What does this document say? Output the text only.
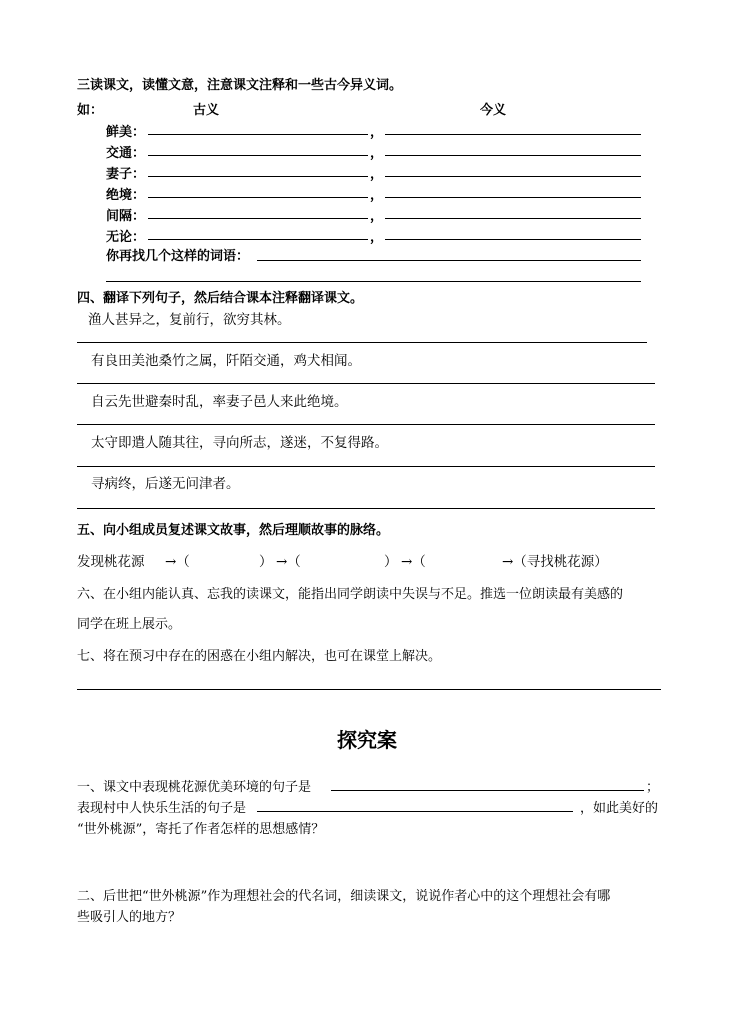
三读课文，读懂文意，注意课文注释和一些古今异义词。
如：	古义	今义
鲜美：	，
交通：	，
妻子：	，
绝境：	，
间隔：	，
无论：	，
你再找几个这样的词语：
四、翻译下列句子，然后结合课本注释翻译课文。
渔人甚异之，复前行，欲穷其林。
有良田美池桑竹之属，阡陌交通，鸡犬相闻。
自云先世避秦时乱，率妻子邑人来此绝境。
太守即遣人随其往，寻向所志，遂迷，不复得路。
寻病终，后遂无问津者。
五、向小组成员复述课文故事，然后理顺故事的脉络。
发现桃花源 →（	） →（	） →（	→（寻找桃花源）
六、在小组内能认真、忘我的读课文，能指出同学朗读中失误与不足。推选一位朗读最有美感的
同学在班上展示。
七、将在预习中存在的困惑在小组内解决，也可在课堂上解决。
探究案
一、课文中表现桃花源优美环境的句子是	；
表现村中人快乐生活的句子是	，如此美好的
“世外桃源”，寄托了作者怎样的思想感情？
二、后世把“世外桃源”作为理想社会的代名词，细读课文，说说作者心中的这个理想社会有哪
些吸引人的地方？
